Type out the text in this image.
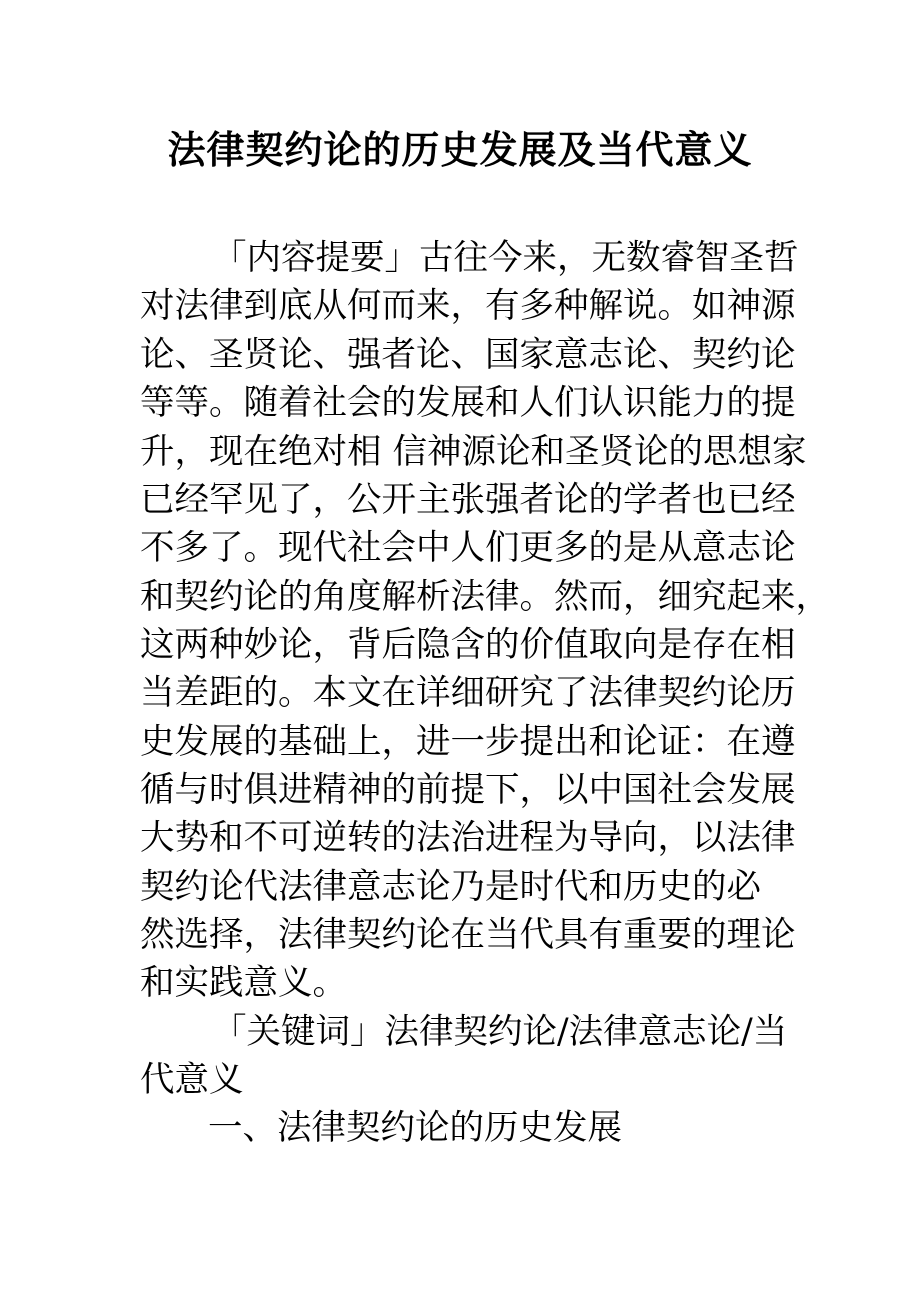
法律契约论的历史发展及当代意义
「内容提要」古往今来，无数睿智圣哲
对法律到底从何而来，有多种解说。如神源
论、圣贤论、强者论、国家意志论、契约论
等等。随着社会的发展和人们认识能力的提
升，现在绝对相 信神源论和圣贤论的思想家
已经罕见了，公开主张强者论的学者也已经
不多了。现代社会中人们更多的是从意志论
和契约论的角度解析法律。然而，细究起来，
这两种妙论，背后隐含的价值取向是存在相
当差距的。本文在详细研究了法律契约论历
史发展的基础上，进一步提出和论证：在遵
循与时俱进精神的前提下，以中国社会发展
大势和不可逆转的法治进程为导向，以法律
契约论代法律意志论乃是时代和历史的必
然选择，法律契约论在当代具有重要的理论
和实践意义。
「关键词」法律契约论/法律意志论/当
代意义
一、法律契约论的历史发展
